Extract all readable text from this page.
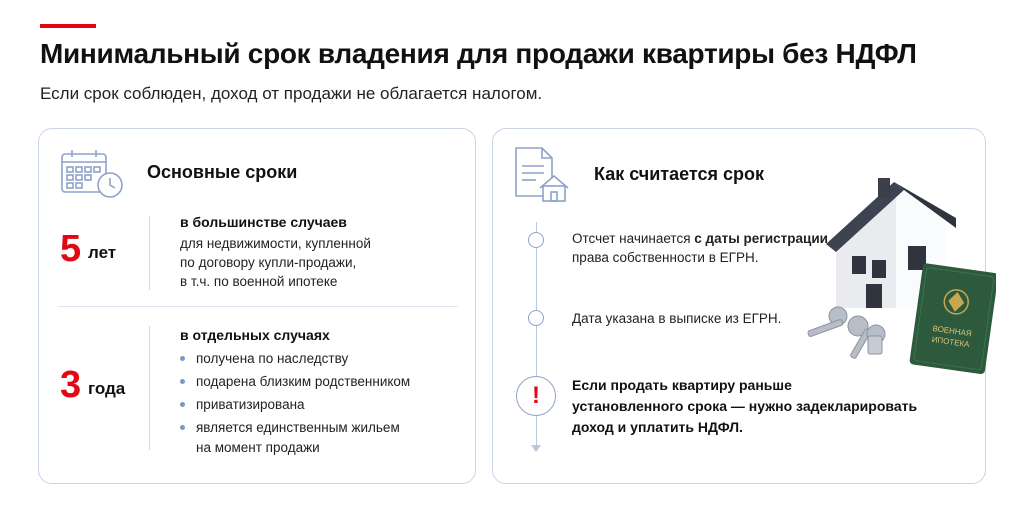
Минимальный срок владения для продажи квартиры без НДФЛ

Если срок соблюден, доход от продажи не облагается налогом.

Основные сроки
5 лет
в большинстве случаев
для недвижимости, купленной
по договору купли-продажи,
в т.ч. по военной ипотеке
3 года
в отдельных случаях
получена по наследству
подарена близким родственником
приватизирована
является единственным жильем
на момент продажи
Как считается срок
!
Отсчет начинается с даты регистрации
права собственности в ЕГРН.
Дата указана в выписке из ЕГРН.
Если продать квартиру раньше
установленного срока — нужно задекларировать
доход и уплатить НДФЛ.
ВОЕННАЯ
ИПОТЕКА
